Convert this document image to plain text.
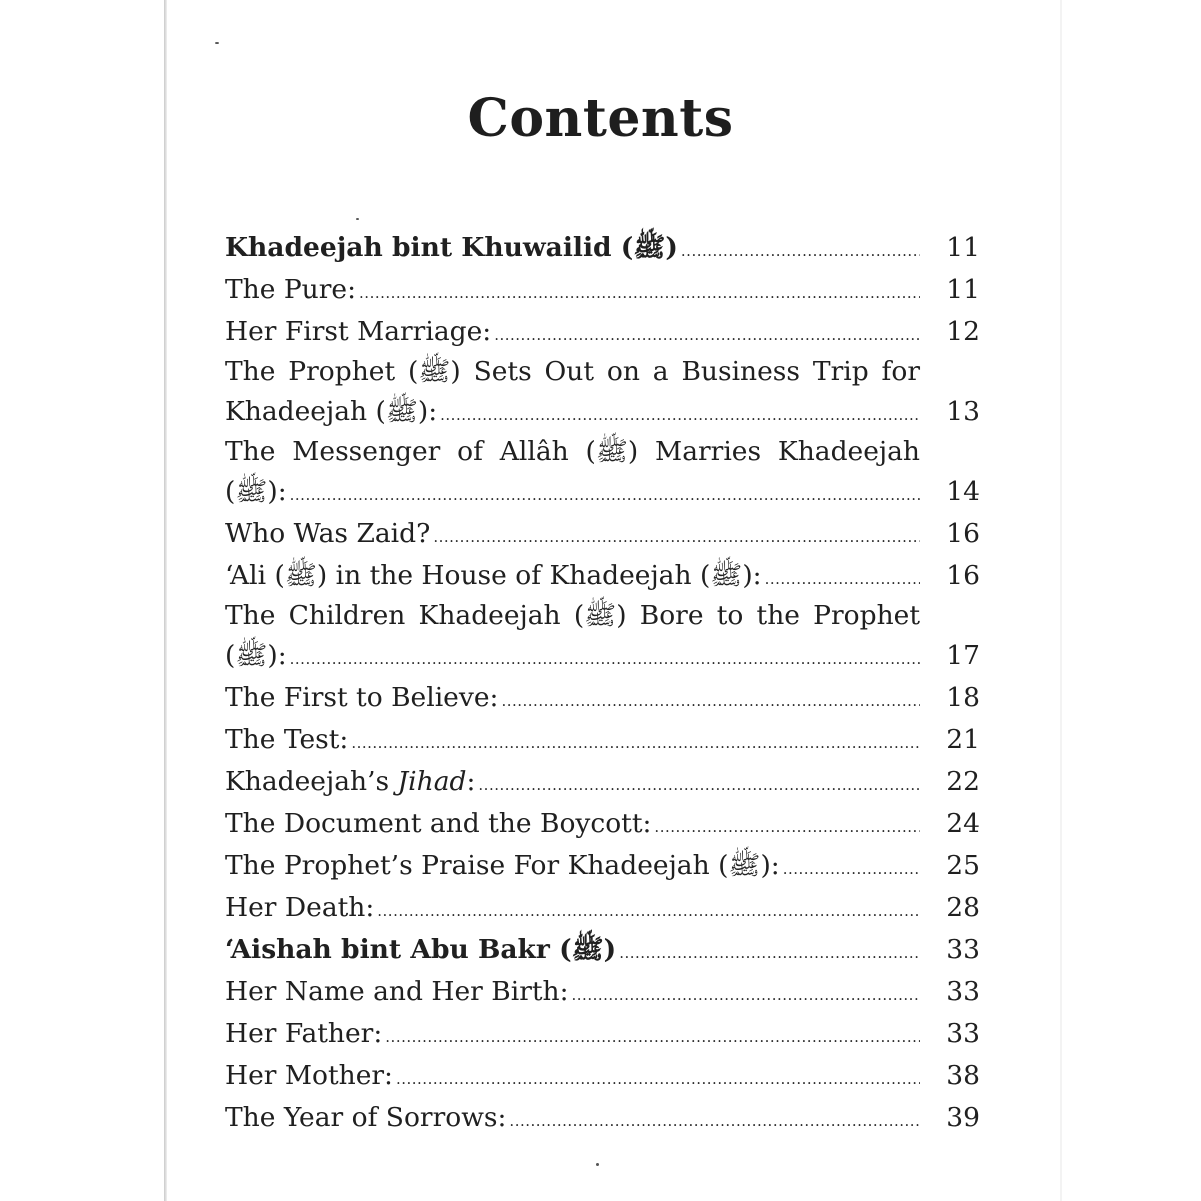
Contents
Khadeejah bint Khuwailid (ﷺ) .....	11
The Pure: .....	11
Her First Marriage: .....	12
The Prophet (ﷺ) Sets Out on a Business Trip for
Khadeejah (ﷺ): .....	13
The Messenger of Allâh (ﷺ) Marries Khadeejah
(ﷺ): .....	14
Who Was Zaid? .....	16
‘Ali (ﷺ) in the House of Khadeejah (ﷺ): .....	16
The Children Khadeejah (ﷺ) Bore to the Prophet
(ﷺ): .....	17
The First to Believe: .....	18
The Test: .....	21
Khadeejah’s Jihad: .....	22
The Document and the Boycott: .....	24
The Prophet’s Praise For Khadeejah (ﷺ): .....	25
Her Death: .....	28
‘Aishah bint Abu Bakr (ﷺ) .....	33
Her Name and Her Birth: .....	33
Her Father: .....	33
Her Mother: .....	38
The Year of Sorrows: .....	39
